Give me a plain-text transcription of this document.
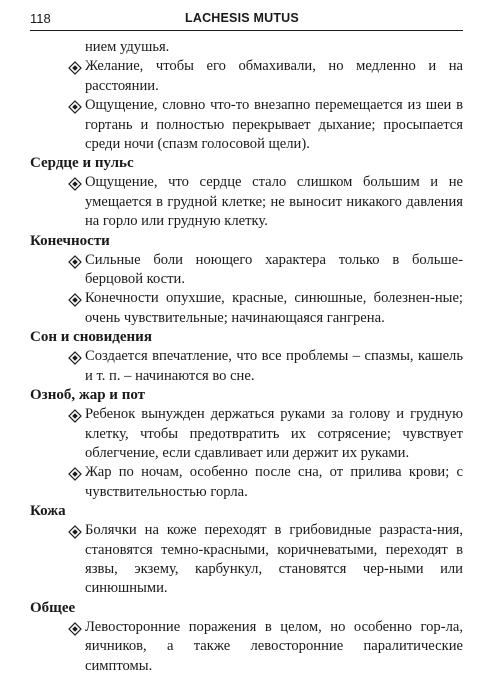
118	LACHESIS MUTUS
нием удушья.
Желание, чтобы его обмахивали, но медленно и на расстоянии.
Ощущение, словно что-то внезапно перемещается из шеи в гортань и полностью перекрывает дыхание; просыпается среди ночи (спазм голосовой щели).
Сердце и пульс
Ощущение, что сердце стало слишком большим и не умещается в грудной клетке; не выносит никакого давления на горло или грудную клетку.
Конечности
Сильные боли ноющего характера только в больше-берцовой кости.
Конечности опухшие, красные, синюшные, болезнен-ные; очень чувствительные; начинающаяся гангрена.
Сон и сновидения
Создается впечатление, что все проблемы – спазмы, кашель и т. п. – начинаются во сне.
Озноб, жар и пот
Ребенок вынужден держаться руками за голову и грудную клетку, чтобы предотвратить их сотрясение; чувствует облегчение, если сдавливает или держит их руками.
Жар по ночам, особенно после сна, от прилива крови; с чувствительностью горла.
Кожа
Болячки на коже переходят в грибовидные разраста-ния, становятся темно-красными, коричневатыми, переходят в язвы, экзему, карбункул, становятся чер-ными или синюшными.
Общее
Левосторонние поражения в целом, но особенно гор-ла, яичников, а также левосторонние паралитические симптомы.
